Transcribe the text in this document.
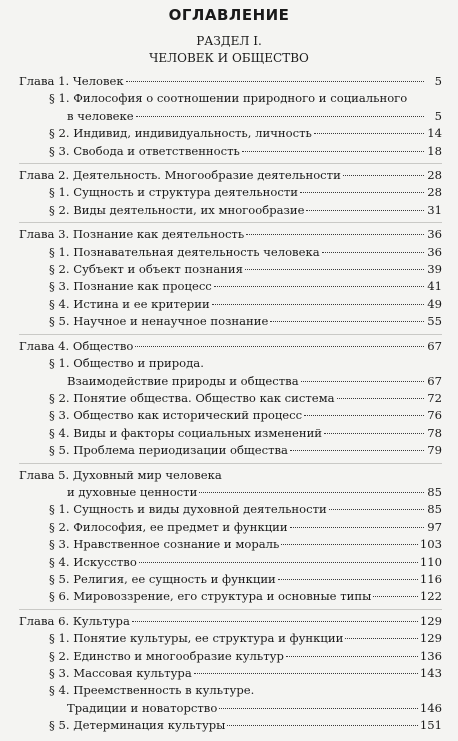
ОГЛАВЛЕНИЕ
РАЗДЕЛ I.
ЧЕЛОВЕК И ОБЩЕСТВО
Глава 1. Человек	5
§ 1. Философия о соотношении природного и социального
в человеке	5
§ 2. Индивид, индивидуальность, личность	14
§ 3. Свобода и ответственность	18
Глава 2. Деятельность. Многообразие деятельности	28
§ 1. Сущность и структура деятельности	28
§ 2. Виды деятельности, их многообразие	31
Глава 3. Познание как деятельность	36
§ 1. Познавательная деятельность человека	36
§ 2. Субъект и объект познания	39
§ 3. Познание как процесс	41
§ 4. Истина и ее критерии	49
§ 5. Научное и ненаучное познание	55
Глава 4. Общество	67
§ 1. Общество и природа.
Взаимодействие природы и общества	67
§ 2. Понятие общества. Общество как система	72
§ 3. Общество как исторический процесс	76
§ 4. Виды и факторы социальных изменений	78
§ 5. Проблема периодизации общества	79
Глава 5. Духовный мир человека
и духовные ценности	85
§ 1. Сущность и виды духовной деятельности	85
§ 2. Философия, ее предмет и функции	97
§ 3. Нравственное сознание и мораль	103
§ 4. Искусство	110
§ 5. Религия, ее сущность и функции	116
§ 6. Мировоззрение, его структура и основные типы	122
Глава 6. Культура	129
§ 1. Понятие культуры, ее структура и функции	129
§ 2. Единство и многообразие культур	136
§ 3. Массовая культура	143
§ 4. Преемственность в культуре.
Традиции и новаторство	146
§ 5. Детерминация культуры	151
